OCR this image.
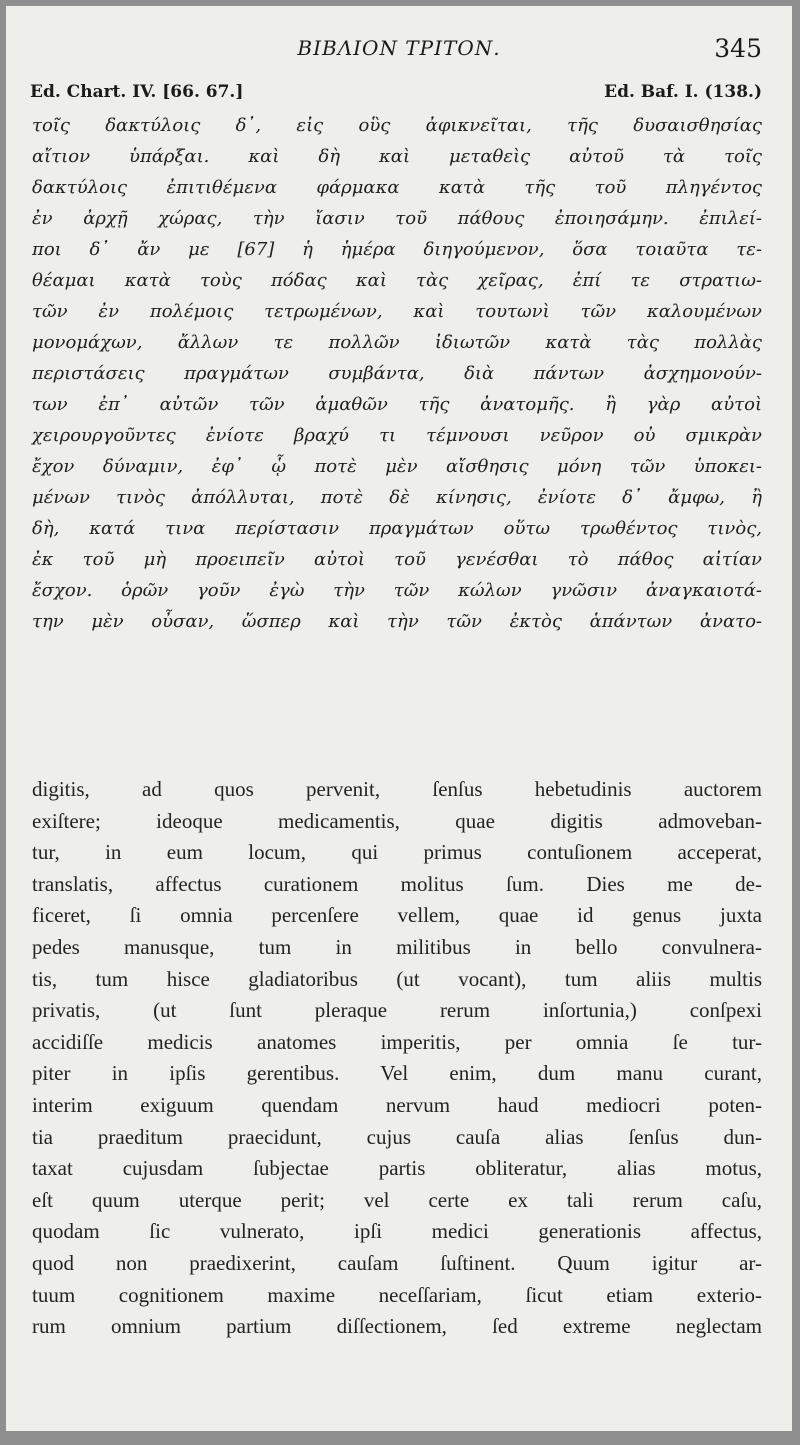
ΒΙΒΛΙΟΝ ΤΡΙΤΟΝ.	345
Ed. Chart. IV. [66. 67.]	Ed. Baf. I. (138.)
τοῖς δακτύλοις δ᾽, εἰς οὓς ἀφικνεῖται, τῆς δυσαισθησίας
αἴτιον ὑπάρξαι. καὶ δὴ καὶ μεταθεὶς αὐτοῦ τὰ τοῖς
δακτύλοις ἐπιτιθέμενα φάρμακα κατὰ τῆς τοῦ πληγέντος
ἐν ἀρχῇ χώρας, τὴν ἴασιν τοῦ πάθους ἐποιησάμην. ἐπιλεί-
ποι δ᾽ ἄν με [67] ἡ ἡμέρα διηγούμενον, ὅσα τοιαῦτα τε-
θέαμαι κατὰ τοὺς πόδας καὶ τὰς χεῖρας, ἐπί τε στρατιω-
τῶν ἐν πολέμοις τετρωμένων, καὶ τουτωνὶ τῶν καλουμένων
μονομάχων, ἄλλων τε πολλῶν ἰδιωτῶν κατὰ τὰς πολλὰς
περιστάσεις πραγμάτων συμβάντα, διὰ πάντων ἀσχημονούν-
των ἐπ᾽ αὐτῶν τῶν ἀμαθῶν τῆς ἀνατομῆς. ἢ γὰρ αὐτοὶ
χειρουργοῦντες ἐνίοτε βραχύ τι τέμνουσι νεῦρον οὐ σμικρὰν
ἔχον δύναμιν, ἐφ᾽ ᾧ ποτὲ μὲν αἴσθησις μόνη τῶν ὑποκει-
μένων τινὸς ἀπόλλυται, ποτὲ δὲ κίνησις, ἐνίοτε δ᾽ ἄμφω, ἢ
δὴ, κατά τινα περίστασιν πραγμάτων οὕτω τρωθέντος τινὸς,
ἐκ τοῦ μὴ προειπεῖν αὐτοὶ τοῦ γενέσθαι τὸ πάθος αἰτίαν
ἔσχον. ὁρῶν γοῦν ἐγὼ τὴν τῶν κώλων γνῶσιν ἀναγκαιοτά-
την μὲν οὖσαν, ὥσπερ καὶ τὴν τῶν ἐκτὸς ἁπάντων ἀνατο-
digitis, ad quos pervenit, ſenſus hebetudinis auctorem
exiſtere; ideoque medicamentis, quae digitis admoveban-
tur, in eum locum, qui primus contuſionem acceperat,
translatis, affectus curationem molitus ſum. Dies me de-
ficeret, ſi omnia percenſere vellem, quae id genus juxta
pedes manusque, tum in militibus in bello convulnera-
tis, tum hisce gladiatoribus (ut vocant), tum aliis multis
privatis, (ut ſunt pleraque rerum inſortunia,) conſpexi
accidiſſe medicis anatomes imperitis, per omnia ſe tur-
piter in ipſis gerentibus. Vel enim, dum manu curant,
interim exiguum quendam nervum haud mediocri poten-
tia praeditum praecidunt, cujus cauſa alias ſenſus dun-
taxat cujusdam ſubjectae partis obliteratur, alias motus,
eſt quum uterque perit; vel certe ex tali rerum caſu,
quodam ſic vulnerato, ipſi medici generationis affectus,
quod non praedixerint, cauſam ſuſtinent. Quum igitur ar-
tuum cognitionem maxime neceſſariam, ſicut etiam exterio-
rum omnium partium diſſectionem, ſed extreme neglectam
